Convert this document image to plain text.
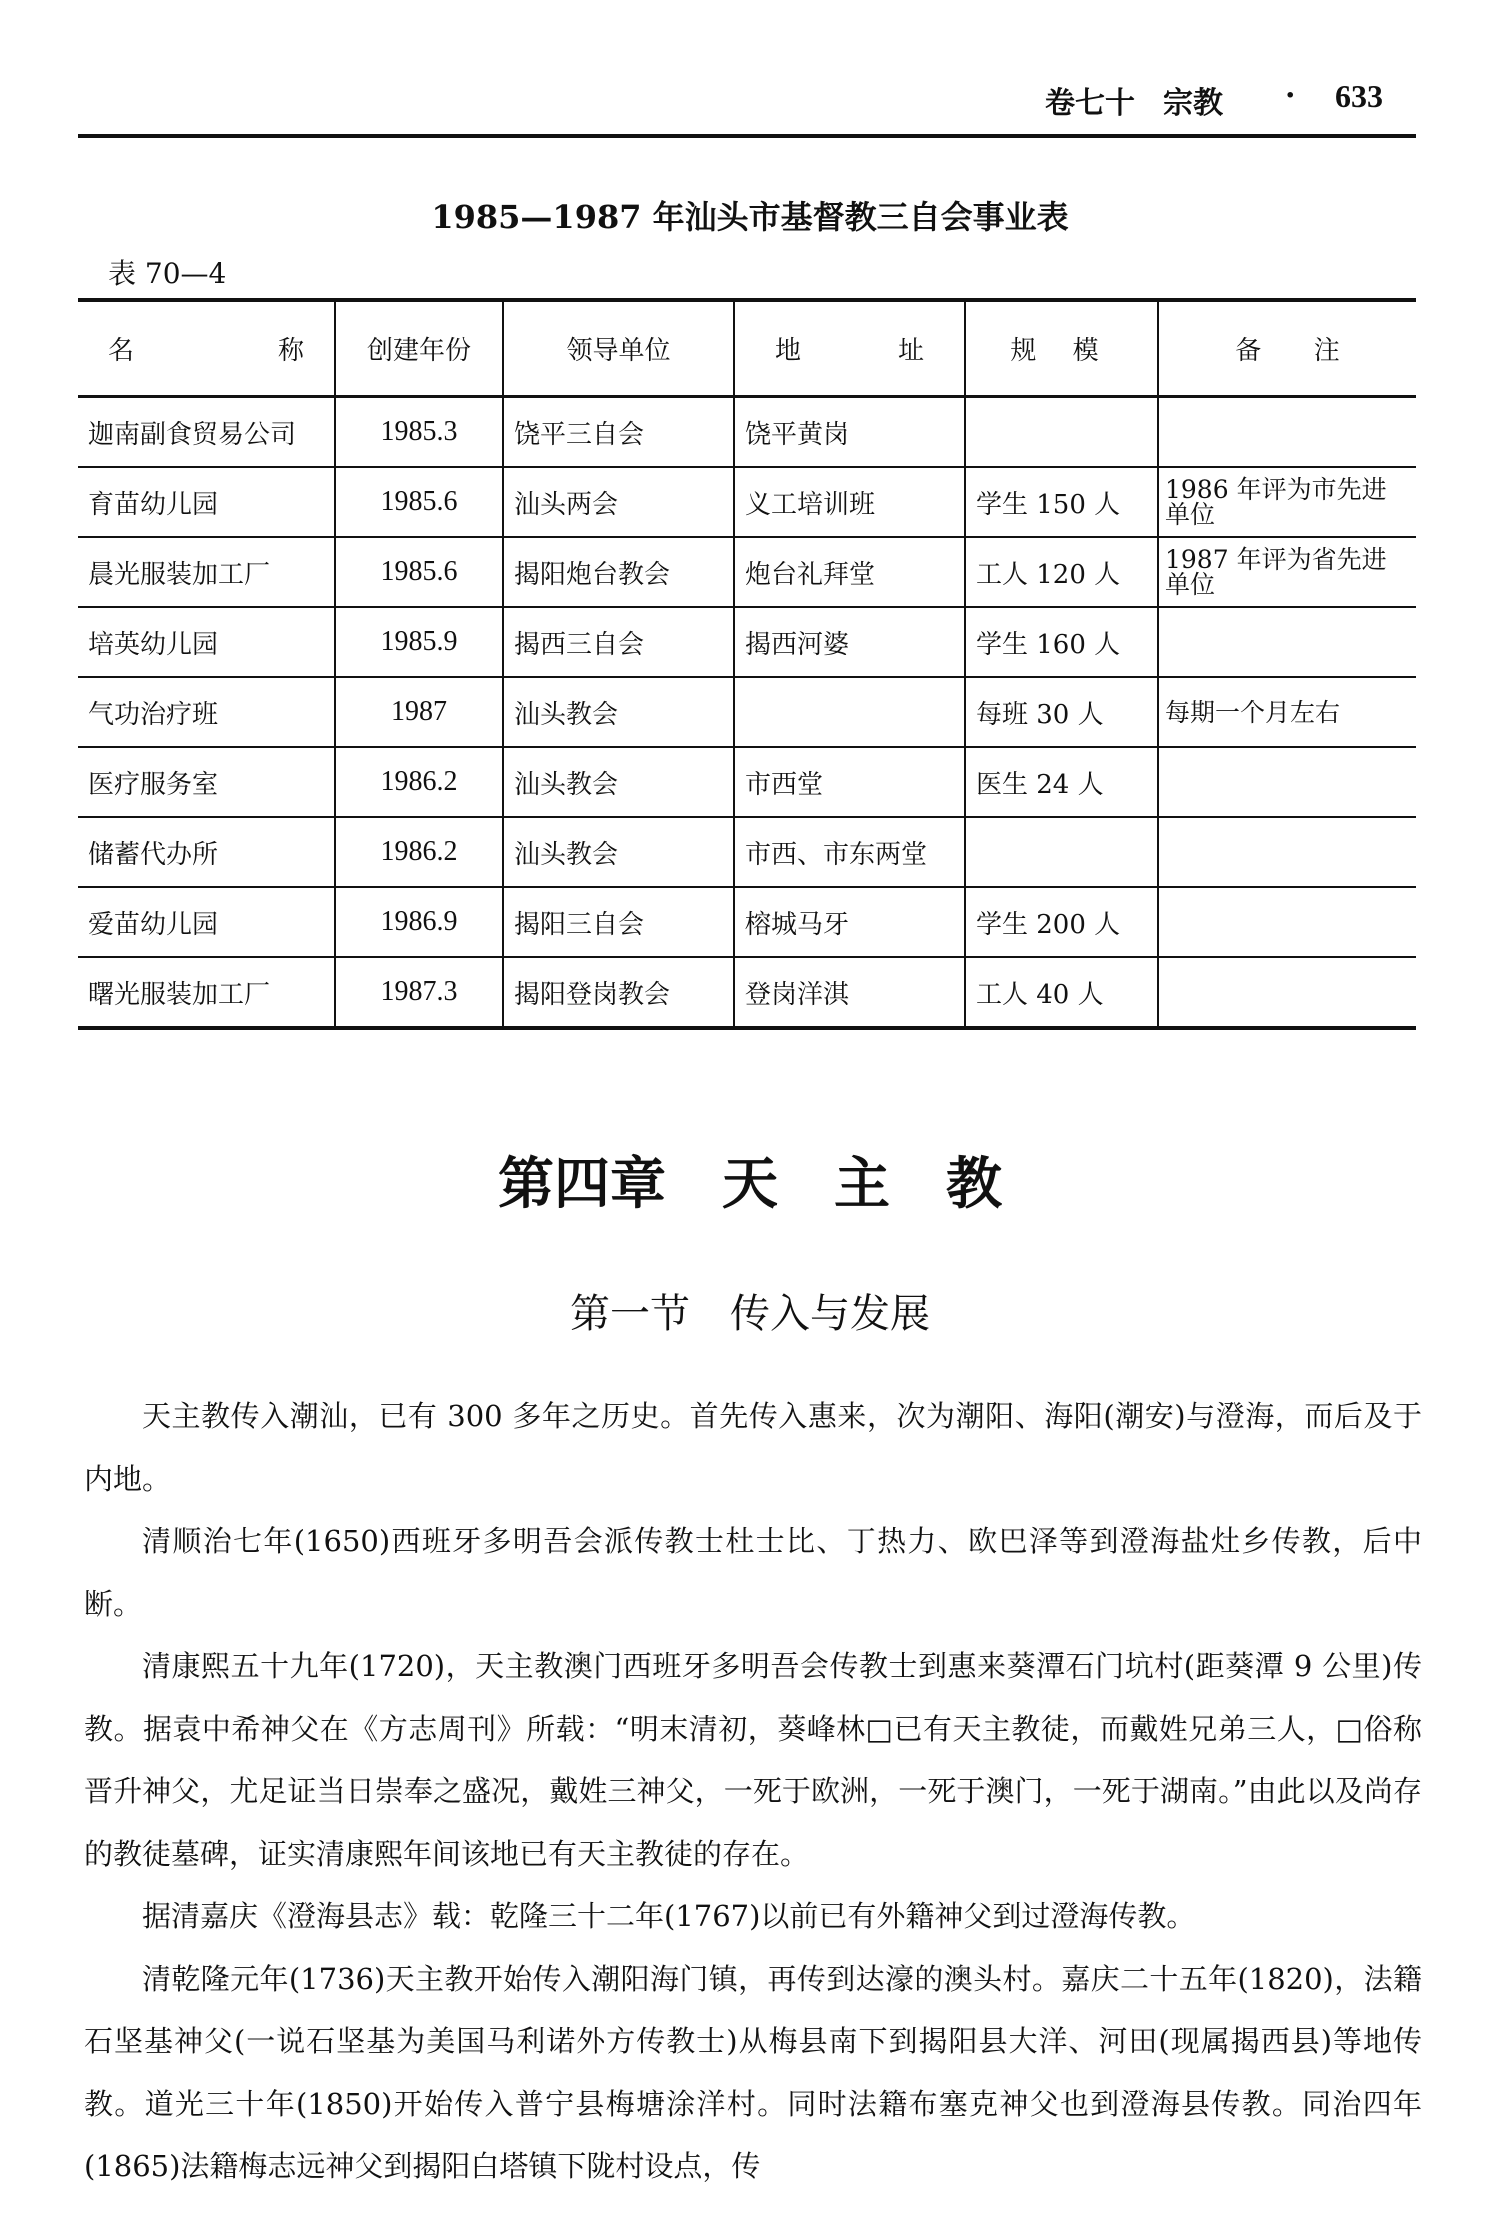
卷七十 宗教 · 633
1985—1987 年汕头市基督教三自会事业表
表 70—4
名 称	创建年份	领导单位	地 址	规 模	备 注

迦南副食贸易公司	1985.3	饶平三自会	饶平黄岗		
育苗幼儿园	1985.6	汕头两会	义工培训班	学生 150 人	1986 年评为市先进单位
晨光服装加工厂	1985.6	揭阳炮台教会	炮台礼拜堂	工人 120 人	1987 年评为省先进单位
培英幼儿园	1985.9	揭西三自会	揭西河婆	学生 160 人	
气功治疗班	1987	汕头教会		每班 30 人	每期一个月左右
医疗服务室	1986.2	汕头教会	市西堂	医生 24 人	
储蓄代办所	1986.2	汕头教会	市西、市东两堂		
爱苗幼儿园	1986.9	揭阳三自会	榕城马牙	学生 200 人	
曙光服装加工厂	1987.3	揭阳登岗教会	登岗洋淇	工人 40 人	
第四章 天 主 教
第一节　传入与发展

天主教传入潮汕，已有 300 多年之历史。首先传入惠来，次为潮阳、海阳(潮安)与澄海，而后及于内地。

清顺治七年(1650)西班牙多明吾会派传教士杜士比、丁热力、欧巴泽等到澄海盐灶乡传教，后中断。

清康熙五十九年(1720)，天主教澳门西班牙多明吾会传教士到惠来葵潭石门坑村(距葵潭 9 公里)传教。据袁中希神父在《方志周刊》所载：“明末清初，葵峰林□已有天主教徒，而戴姓兄弟三人，□俗称晋升神父，尤足证当日崇奉之盛况，戴姓三神父，一死于欧洲，一死于澳门，一死于湖南。”由此以及尚存的教徒墓碑，证实清康熙年间该地已有天主教徒的存在。

据清嘉庆《澄海县志》载：乾隆三十二年(1767)以前已有外籍神父到过澄海传教。

清乾隆元年(1736)天主教开始传入潮阳海门镇，再传到达濠的澳头村。嘉庆二十五年(1820)，法籍石坚基神父(一说石坚基为美国马利诺外方传教士)从梅县南下到揭阳县大洋、河田(现属揭西县)等地传教。道光三十年(1850)开始传入普宁县梅塘涂洋村。同时法籍布塞克神父也到澄海县传教。同治四年(1865)法籍梅志远神父到揭阳白塔镇下陇村设点，传
